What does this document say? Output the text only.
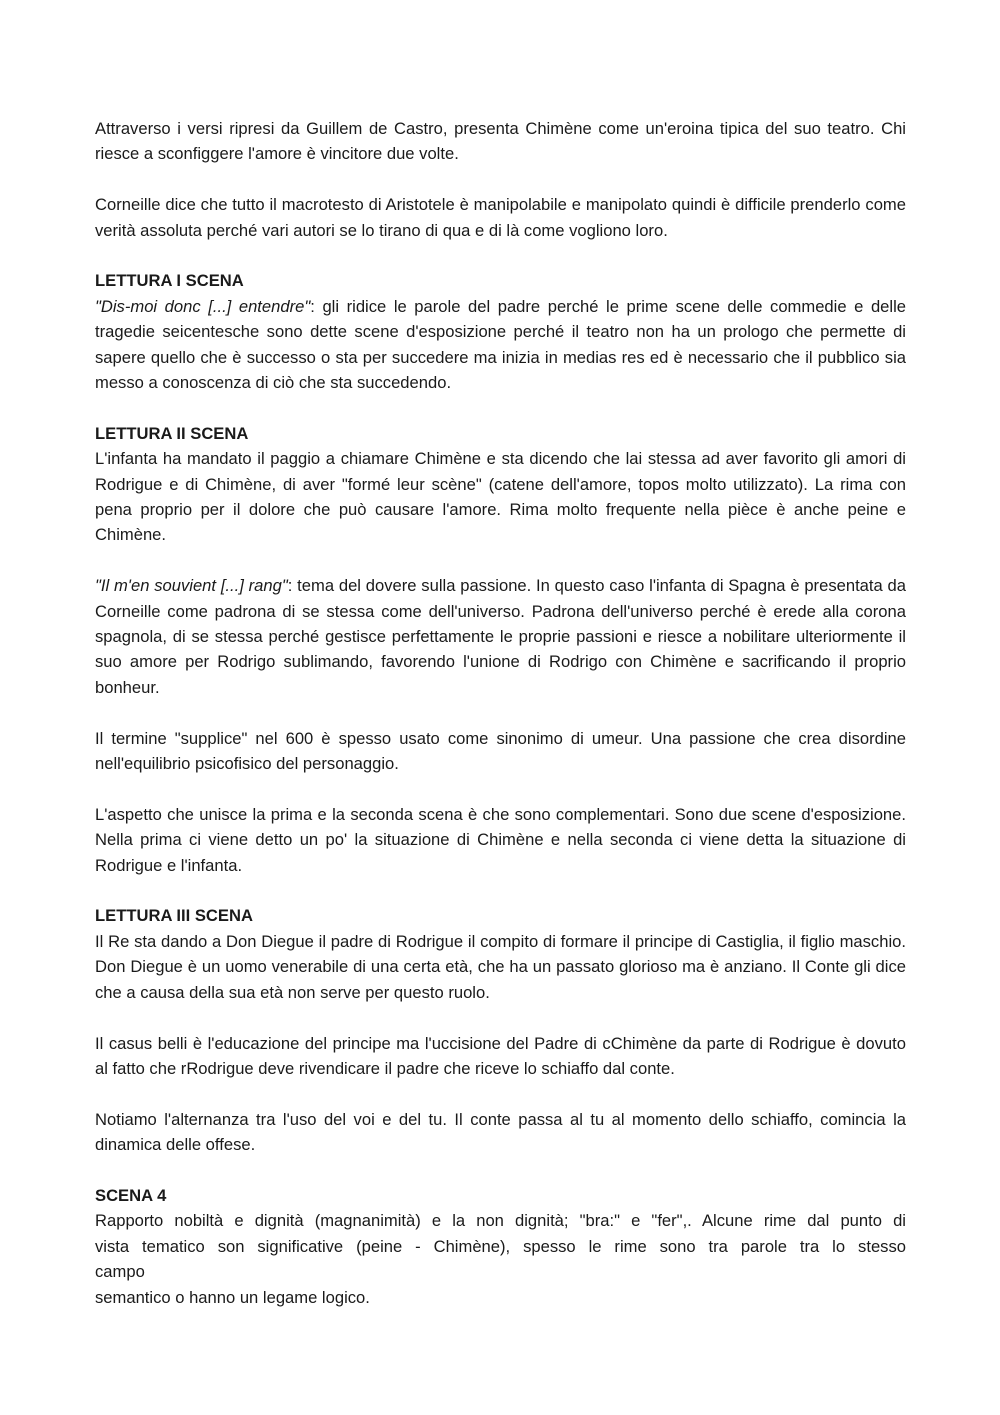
Attraverso i versi ripresi da Guillem de Castro, presenta Chimène come un'eroina tipica del suo teatro. Chi riesce a sconfiggere l'amore è vincitore due volte.

Corneille dice che tutto il macrotesto di Aristotele è manipolabile e manipolato quindi è difficile prenderlo come verità assoluta perché vari autori se lo tirano di qua e di là come vogliono loro.

LETTURA I SCENA
"Dis-moi donc [...] entendre": gli ridice le parole del padre perché le prime scene delle commedie e delle tragedie seicentesche sono dette scene d'esposizione perché il teatro non ha un prologo che permette di sapere quello che è successo o sta per succedere ma inizia in medias res ed è necessario che il pubblico sia messo a conoscenza di ciò che sta succedendo.

LETTURA II SCENA
L'infanta ha mandato il paggio a chiamare Chimène e sta dicendo che lai stessa ad aver favorito gli amori di Rodrigue e di Chimène, di aver "formé leur scène" (catene dell'amore, topos molto utilizzato). La rima con pena proprio per il dolore che può causare l'amore. Rima molto frequente nella pièce è anche peine e Chimène.

"Il m'en souvient [...] rang": tema del dovere sulla passione. In questo caso l'infanta di Spagna è presentata da Corneille come padrona di se stessa come dell'universo. Padrona dell'universo perché è erede alla corona spagnola, di se stessa perché gestisce perfettamente le proprie passioni e riesce a nobilitare ulteriormente il suo amore per Rodrigo sublimando, favorendo l'unione di Rodrigo con Chimène e sacrificando il proprio bonheur.

Il termine "supplice" nel 600 è spesso usato come sinonimo di umeur. Una passione che crea disordine nell'equilibrio psicofisico del personaggio.

L'aspetto che unisce la prima e la seconda scena è che sono complementari. Sono due scene d'esposizione. Nella prima ci viene detto un po' la situazione di Chimène e nella seconda ci viene detta la situazione di Rodrigue e l'infanta.

LETTURA III SCENA
Il Re sta dando a Don Diegue il padre di Rodrigue il compito di formare il principe di Castiglia, il figlio maschio. Don Diegue è un uomo venerabile di una certa età, che ha un passato glorioso ma è anziano. Il Conte gli dice che a causa della sua età non serve per questo ruolo.

Il casus belli è l'educazione del principe ma l'uccisione del Padre di cChimène da parte di Rodrigue è dovuto al fatto che rRodrigue deve rivendicare il padre che riceve lo schiaffo dal conte.

Notiamo l'alternanza tra l'uso del voi e del tu. Il conte passa al tu al momento dello schiaffo, comincia la dinamica delle offese.

SCENA 4
Rapporto nobiltà e dignità (magnanimità) e la non dignità; "bra:" e "fer",. Alcune rime dal punto di
vista tematico son significative (peine - Chimène), spesso le rime sono tra parole tra lo stesso
campo
semantico o hanno un legame logico.
